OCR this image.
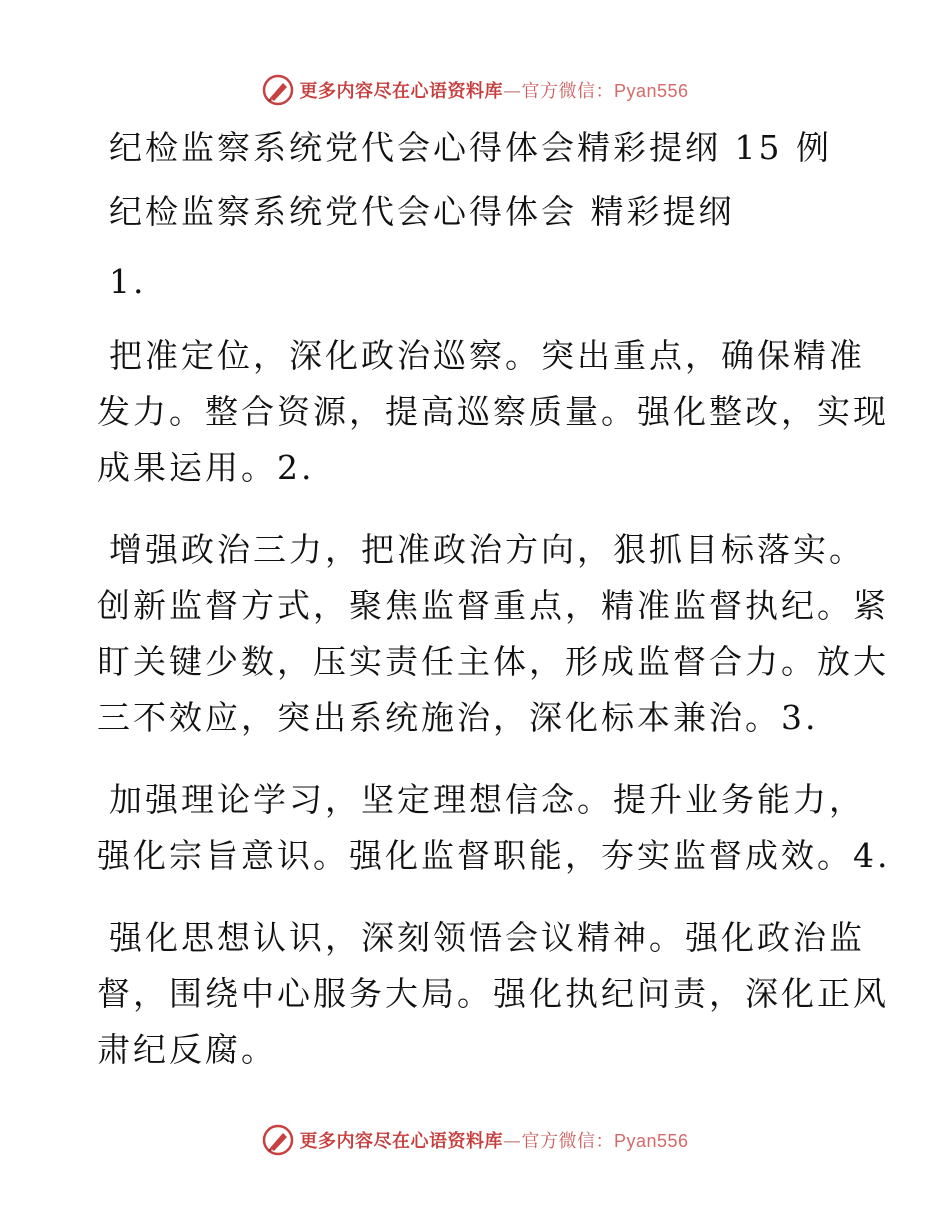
更多内容尽在心语资料库—官方微信：Pyan556

纪检监察系统党代会心得体会精彩提纲 15 例

纪检监察系统党代会心得体会 精彩提纲

1.

把准定位，深化政治巡察。突出重点，确保精准

发力。整合资源，提高巡察质量。强化整改，实现

成果运用。2.

增强政治三力，把准政治方向，狠抓目标落实。

创新监督方式，聚焦监督重点，精准监督执纪。紧

盯关键少数，压实责任主体，形成监督合力。放大

三不效应，突出系统施治，深化标本兼治。3.

加强理论学习，坚定理想信念。提升业务能力，

强化宗旨意识。强化监督职能，夯实监督成效。4.

强化思想认识，深刻领悟会议精神。强化政治监

督，围绕中心服务大局。强化执纪问责，深化正风

肃纪反腐。

更多内容尽在心语资料库—官方微信：Pyan556
